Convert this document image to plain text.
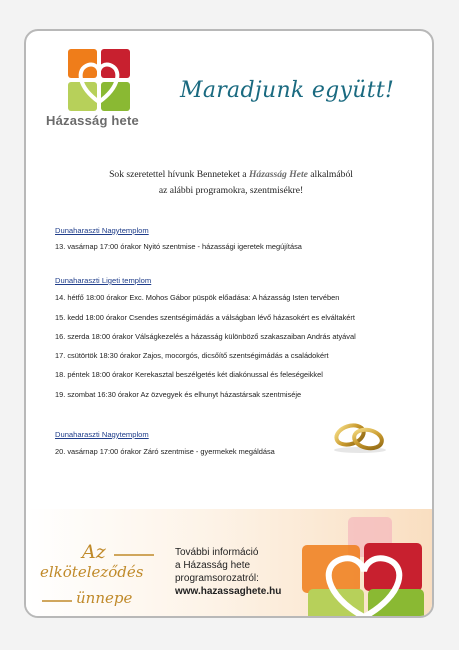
Házasság hete
Maradjunk együtt!
Sok szeretettel hívunk Benneteket a Házasság Hete alkalmából
az alábbi programokra, szentmisékre!
Dunaharaszti Nagytemplom
13. vasárnap 17:00 órakor Nyitó szentmise - házassági igeretek megújítása
Dunaharaszti Ligeti templom
14. hétfő 18:00 órakor Exc. Mohos Gábor püspök előadása: A házasság Isten tervében
15. kedd 18:00 órakor Csendes szentségimádás a válságban lévő házasokért es elváltakért
16. szerda 18:00 órakor Válságkezelés a házasság különböző szakaszaiban András atyával
17. csütörtök 18:30 órakor Zajos, mocorgós, dicsőítő szentségimádás a családokért
18. péntek 18:00 órakor Kerekasztal beszélgetés két diakónussal és feleségeikkel
19. szombat 16:30 órakor Az özvegyek és elhunyt házastársak szentmiséje
Dunaharaszti Nagytemplom
20. vasárnap 17:00 órakor Záró szentmise - gyermekek megáldása
Az
elköteleződés
ünnepe
További információ
a Házasság hete
programsorozatról:
www.hazassaghete.hu
